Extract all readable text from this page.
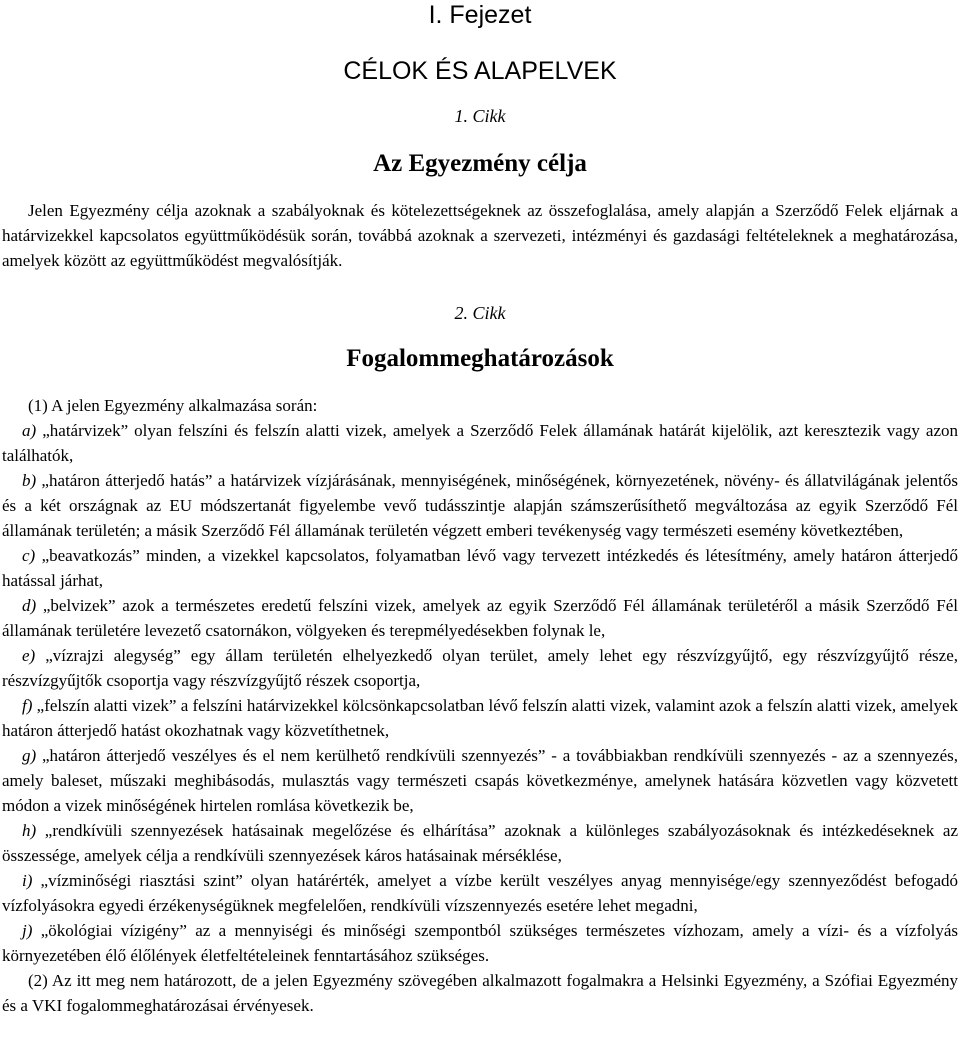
I. Fejezet
CÉLOK ÉS ALAPELVEK
1. Cikk
Az Egyezmény célja

Jelen Egyezmény célja azoknak a szabályoknak és kötelezettségeknek az összefoglalása, amely alapján a Szerződő Felek eljárnak a határvizekkel kapcsolatos együttműködésük során, továbbá azoknak a szervezeti, intézményi és gazdasági feltételeknek a meghatározása, amelyek között az együttműködést megvalósítják.

2. Cikk
Fogalommeghatározások

(1) A jelen Egyezmény alkalmazása során:

a) „határvizek” olyan felszíni és felszín alatti vizek, amelyek a Szerződő Felek államának határát kijelölik, azt keresztezik vagy azon találhatók,

b) „határon átterjedő hatás” a határvizek vízjárásának, mennyiségének, minőségének, környezetének, növény- és állatvilágának jelentős és a két országnak az EU módszertanát figyelembe vevő tudásszintje alapján számszerűsíthető megváltozása az egyik Szerződő Fél államának területén; a másik Szerződő Fél államának területén végzett emberi tevékenység vagy természeti esemény következtében,

c) „beavatkozás” minden, a vizekkel kapcsolatos, folyamatban lévő vagy tervezett intézkedés és létesítmény, amely határon átterjedő hatással járhat,

d) „belvizek” azok a természetes eredetű felszíni vizek, amelyek az egyik Szerződő Fél államának területéről a másik Szerződő Fél államának területére levezető csatornákon, völgyeken és terepmélyedésekben folynak le,

e) „vízrajzi alegység” egy állam területén elhelyezkedő olyan terület, amely lehet egy részvízgyűjtő, egy részvízgyűjtő része, részvízgyűjtők csoportja vagy részvízgyűjtő részek csoportja,

f) „felszín alatti vizek” a felszíni határvizekkel kölcsönkapcsolatban lévő felszín alatti vizek, valamint azok a felszín alatti vizek, amelyek határon átterjedő hatást okozhatnak vagy közvetíthetnek,

g) „határon átterjedő veszélyes és el nem kerülhető rendkívüli szennyezés” - a továbbiakban rendkívüli szennyezés - az a szennyezés, amely baleset, műszaki meghibásodás, mulasztás vagy természeti csapás következménye, amelynek hatására közvetlen vagy közvetett módon a vizek minőségének hirtelen romlása következik be,

h) „rendkívüli szennyezések hatásainak megelőzése és elhárítása” azoknak a különleges szabályozásoknak és intézkedéseknek az összessége, amelyek célja a rendkívüli szennyezések káros hatásainak mérséklése,

i) „vízminőségi riasztási szint” olyan határérték, amelyet a vízbe került veszélyes anyag mennyisége/egy szennyeződést befogadó vízfolyásokra egyedi érzékenységüknek megfelelően, rendkívüli vízszennyezés esetére lehet megadni,

j) „ökológiai vízigény” az a mennyiségi és minőségi szempontból szükséges természetes vízhozam, amely a vízi- és a vízfolyás környezetében élő élőlények életfeltételeinek fenntartásához szükséges.

(2) Az itt meg nem határozott, de a jelen Egyezmény szövegében alkalmazott fogalmakra a Helsinki Egyezmény, a Szófiai Egyezmény és a VKI fogalommeghatározásai érvényesek.
